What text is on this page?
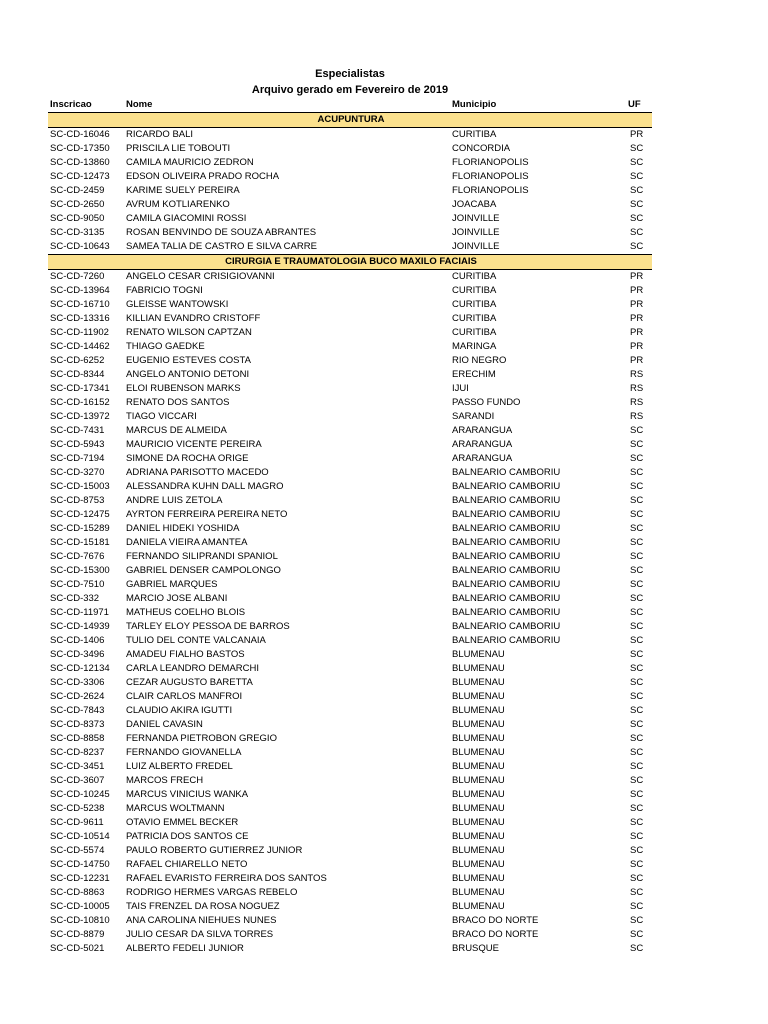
Especialistas
Arquivo gerado em Fevereiro de 2019
Inscricao	Nome	Municipio	UF
ACUPUNTURA			
SC-CD-16046	RICARDO BALI	CURITIBA	PR
SC-CD-17350	PRISCILA LIE TOBOUTI	CONCORDIA	SC
SC-CD-13860	CAMILA MAURICIO ZEDRON	FLORIANOPOLIS	SC
SC-CD-12473	EDSON OLIVEIRA PRADO ROCHA	FLORIANOPOLIS	SC
SC-CD-2459	KARIME SUELY PEREIRA	FLORIANOPOLIS	SC
SC-CD-2650	AVRUM KOTLIARENKO	JOACABA	SC
SC-CD-9050	CAMILA GIACOMINI ROSSI	JOINVILLE	SC
SC-CD-3135	ROSAN BENVINDO DE SOUZA ABRANTES	JOINVILLE	SC
SC-CD-10643	SAMEA TALIA DE CASTRO E SILVA CARRE	JOINVILLE	SC
CIRURGIA E TRAUMATOLOGIA BUCO MAXILO FACIAIS			
SC-CD-7260	ANGELO CESAR CRISIGIOVANNI	CURITIBA	PR
SC-CD-13964	FABRICIO TOGNI	CURITIBA	PR
SC-CD-16710	GLEISSE WANTOWSKI	CURITIBA	PR
SC-CD-13316	KILLIAN EVANDRO CRISTOFF	CURITIBA	PR
SC-CD-11902	RENATO WILSON CAPTZAN	CURITIBA	PR
SC-CD-14462	THIAGO GAEDKE	MARINGA	PR
SC-CD-6252	EUGENIO ESTEVES COSTA	RIO NEGRO	PR
SC-CD-8344	ANGELO ANTONIO DETONI	ERECHIM	RS
SC-CD-17341	ELOI RUBENSON MARKS	IJUI	RS
SC-CD-16152	RENATO DOS SANTOS	PASSO FUNDO	RS
SC-CD-13972	TIAGO VICCARI	SARANDI	RS
SC-CD-7431	MARCUS DE ALMEIDA	ARARANGUA	SC
SC-CD-5943	MAURICIO VICENTE PEREIRA	ARARANGUA	SC
SC-CD-7194	SIMONE DA ROCHA ORIGE	ARARANGUA	SC
SC-CD-3270	ADRIANA PARISOTTO MACEDO	BALNEARIO CAMBORIU	SC
SC-CD-15003	ALESSANDRA KUHN DALL MAGRO	BALNEARIO CAMBORIU	SC
SC-CD-8753	ANDRE LUIS ZETOLA	BALNEARIO CAMBORIU	SC
SC-CD-12475	AYRTON FERREIRA PEREIRA NETO	BALNEARIO CAMBORIU	SC
SC-CD-15289	DANIEL HIDEKI YOSHIDA	BALNEARIO CAMBORIU	SC
SC-CD-15181	DANIELA VIEIRA AMANTEA	BALNEARIO CAMBORIU	SC
SC-CD-7676	FERNANDO SILIPRANDI SPANIOL	BALNEARIO CAMBORIU	SC
SC-CD-15300	GABRIEL DENSER CAMPOLONGO	BALNEARIO CAMBORIU	SC
SC-CD-7510	GABRIEL MARQUES	BALNEARIO CAMBORIU	SC
SC-CD-332	MARCIO JOSE ALBANI	BALNEARIO CAMBORIU	SC
SC-CD-11971	MATHEUS COELHO BLOIS	BALNEARIO CAMBORIU	SC
SC-CD-14939	TARLEY ELOY PESSOA DE BARROS	BALNEARIO CAMBORIU	SC
SC-CD-1406	TULIO DEL CONTE VALCANAIA	BALNEARIO CAMBORIU	SC
SC-CD-3496	AMADEU FIALHO BASTOS	BLUMENAU	SC
SC-CD-12134	CARLA LEANDRO DEMARCHI	BLUMENAU	SC
SC-CD-3306	CEZAR AUGUSTO BARETTA	BLUMENAU	SC
SC-CD-2624	CLAIR CARLOS MANFROI	BLUMENAU	SC
SC-CD-7843	CLAUDIO AKIRA IGUTTI	BLUMENAU	SC
SC-CD-8373	DANIEL CAVASIN	BLUMENAU	SC
SC-CD-8858	FERNANDA PIETROBON GREGIO	BLUMENAU	SC
SC-CD-8237	FERNANDO GIOVANELLA	BLUMENAU	SC
SC-CD-3451	LUIZ ALBERTO FREDEL	BLUMENAU	SC
SC-CD-3607	MARCOS FRECH	BLUMENAU	SC
SC-CD-10245	MARCUS VINICIUS WANKA	BLUMENAU	SC
SC-CD-5238	MARCUS WOLTMANN	BLUMENAU	SC
SC-CD-9611	OTAVIO EMMEL BECKER	BLUMENAU	SC
SC-CD-10514	PATRICIA DOS SANTOS CE	BLUMENAU	SC
SC-CD-5574	PAULO ROBERTO GUTIERREZ JUNIOR	BLUMENAU	SC
SC-CD-14750	RAFAEL CHIARELLO NETO	BLUMENAU	SC
SC-CD-12231	RAFAEL EVARISTO FERREIRA DOS SANTOS	BLUMENAU	SC
SC-CD-8863	RODRIGO HERMES VARGAS REBELO	BLUMENAU	SC
SC-CD-10005	TAIS FRENZEL DA ROSA NOGUEZ	BLUMENAU	SC
SC-CD-10810	ANA CAROLINA NIEHUES NUNES	BRACO DO NORTE	SC
SC-CD-8879	JULIO CESAR DA SILVA TORRES	BRACO DO NORTE	SC
SC-CD-5021	ALBERTO FEDELI JUNIOR	BRUSQUE	SC
